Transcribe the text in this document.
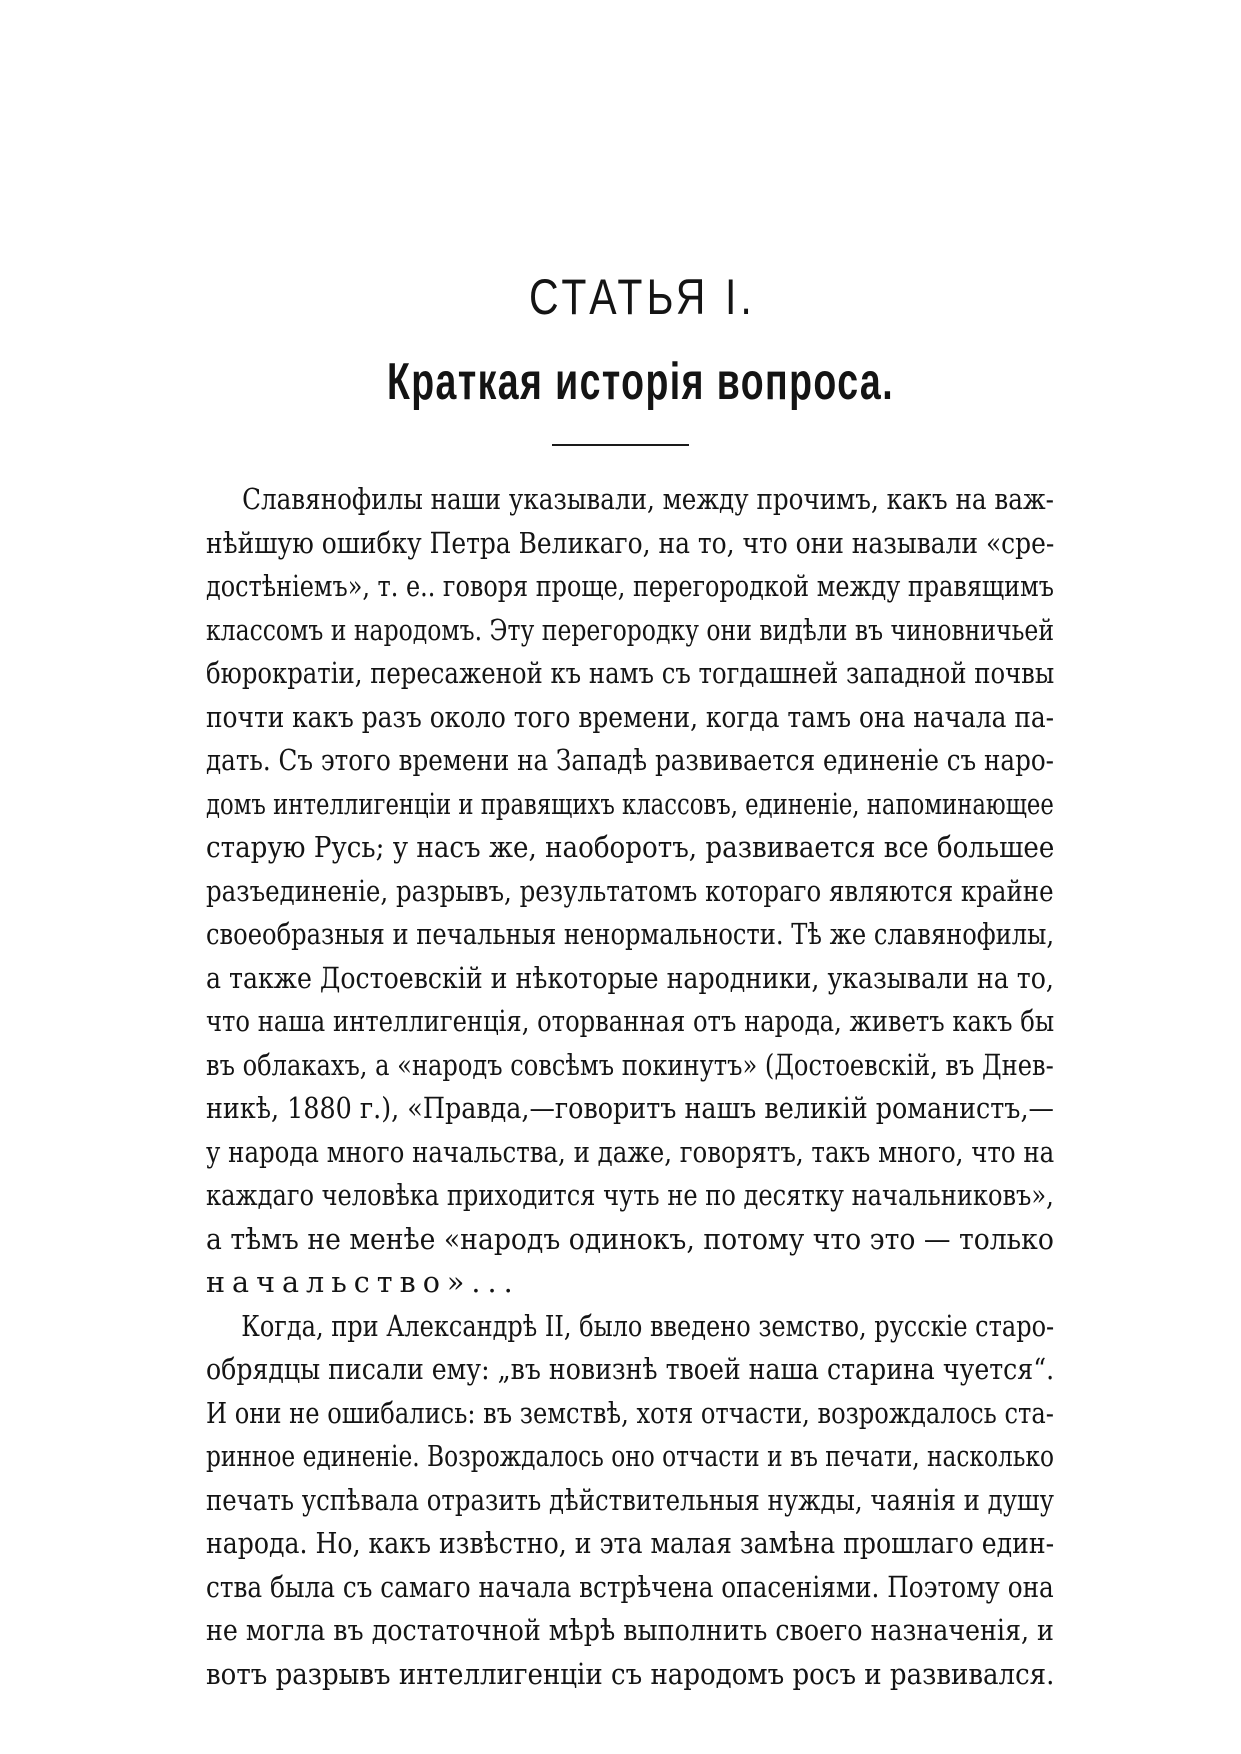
СТАТЬЯ I.
Краткая исторія вопроса.
Славянофилы наши указывали, между прочимъ, какъ на важ-
нѣйшую ошибку Петра Великаго, на то, что они называли «сре-
достѣніемъ», т. е.. говоря проще, перегородкой между правящимъ
классомъ и народомъ. Эту перегородку они видѣли въ чиновничьей
бюрократіи, пересаженой къ намъ съ тогдашней западной почвы
почти какъ разъ около того времени, когда тамъ она начала па-
дать. Съ этого времени на Западѣ развивается единеніе съ наро-
домъ интеллигенціи и правящихъ классовъ, единеніе, напоминающее
старую Русь; у насъ же, наоборотъ, развивается все большее
разъединеніе, разрывъ, результатомъ котораго являются крайне
своеобразныя и печальныя ненормальности. Тѣ же славянофилы,
а также Достоевскій и нѣкоторые народники, указывали на то,
что наша интеллигенція, оторванная отъ народа, живетъ какъ бы
въ облакахъ, а «народъ совсѣмъ покинутъ» (Достоевскій, въ Днев-
никѣ, 1880 г.), «Правда,—говоритъ нашъ великій романистъ,—
у народа много начальства, и даже, говорятъ, такъ много, что на
каждаго человѣка приходится чуть не по десятку начальниковъ»,
а тѣмъ не менѣе «народъ одинокъ, потому что это — только
начальство»...
Когда, при Александрѣ II, было введено земство, русскіе старо-
обрядцы писали ему: „въ новизнѣ твоей наша старина чуется“.
И они не ошибались: въ земствѣ, хотя отчасти, возрождалось ста-
ринное единеніе. Возрождалось оно отчасти и въ печати, насколько
печать успѣвала отразить дѣйствительныя нужды, чаянія и душу
народа. Но, какъ извѣстно, и эта малая замѣна прошлаго един-
ства была съ самаго начала встрѣчена опасеніями. Поэтому она
не могла въ достаточной мѣрѣ выполнить своего назначенія, и
вотъ разрывъ интеллигенціи съ народомъ росъ и развивался.
